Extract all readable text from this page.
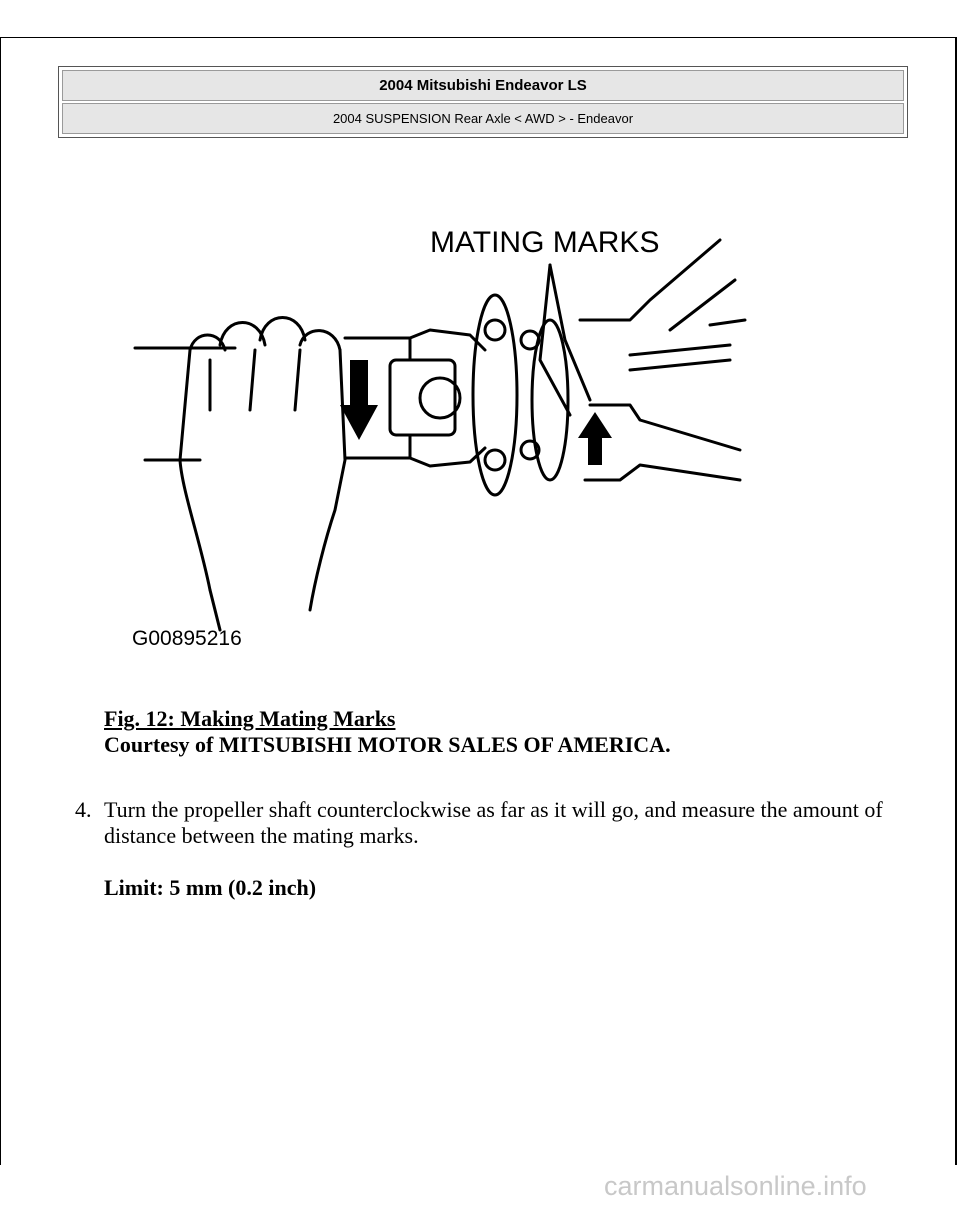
2004 Mitsubishi Endeavor LS
2004 SUSPENSION Rear Axle < AWD > - Endeavor
MATING MARKS
G00895216
Fig. 12: Making Mating Marks
Courtesy of MITSUBISHI MOTOR SALES OF AMERICA.
4. Turn the propeller shaft counterclockwise as far as it will go, and measure the amount of distance between the mating marks.
Limit: 5 mm (0.2 inch)
carmanualsonline.info
